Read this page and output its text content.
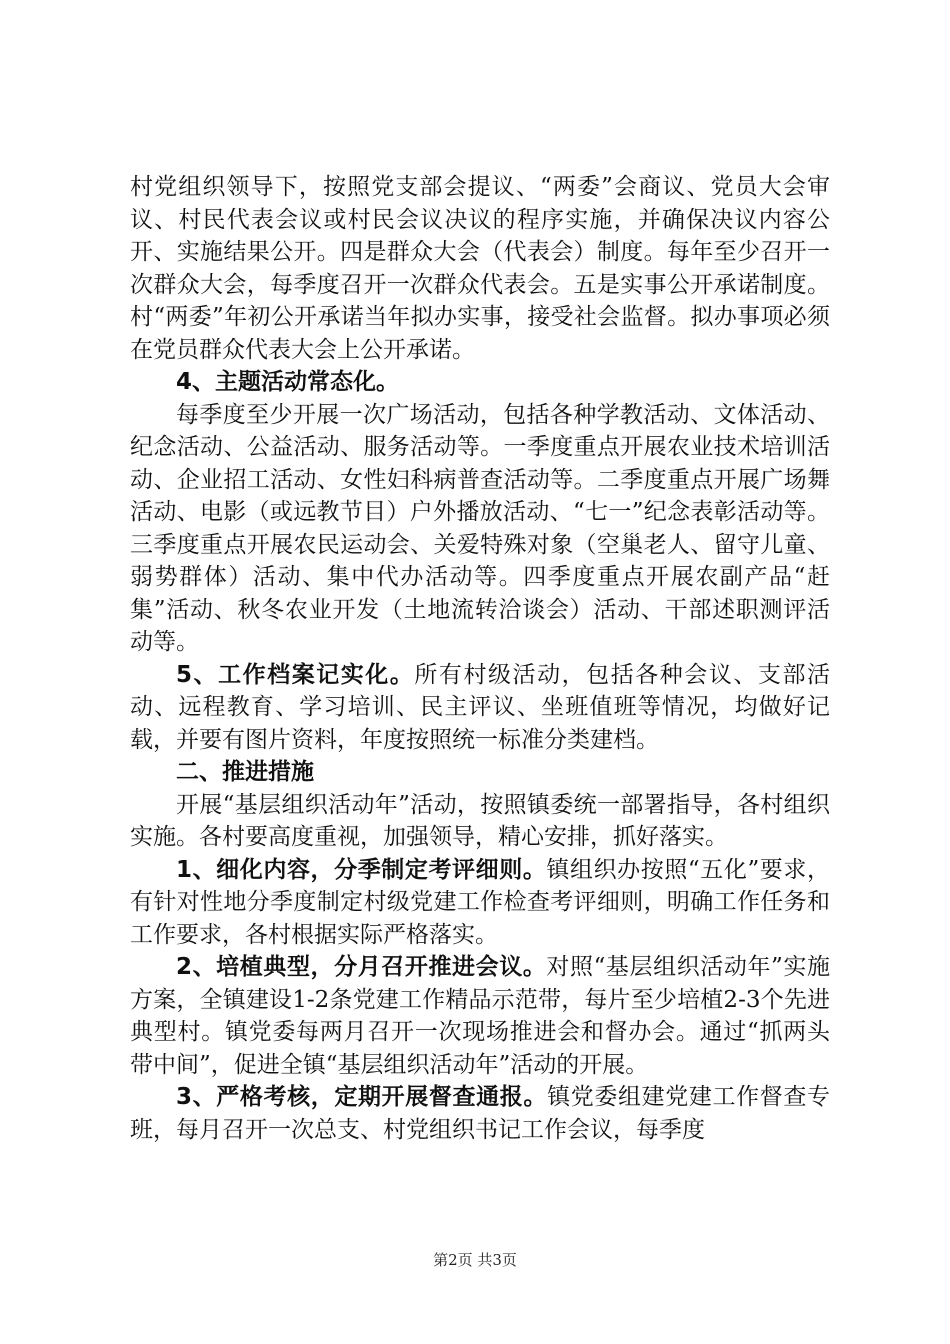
村党组织领导下，按照党支部会提议、“两委”会商议、党员大会审议、村民代表会议或村民会议决议的程序实施，并确保决议内容公开、实施结果公开。四是群众大会（代表会）制度。每年至少召开一次群众大会，每季度召开一次群众代表会。五是实事公开承诺制度。村“两委”年初公开承诺当年拟办实事，接受社会监督。拟办事项必须在党员群众代表大会上公开承诺。

4、主题活动常态化。

每季度至少开展一次广场活动，包括各种学教活动、文体活动、纪念活动、公益活动、服务活动等。一季度重点开展农业技术培训活动、企业招工活动、女性妇科病普查活动等。二季度重点开展广场舞活动、电影（或远教节目）户外播放活动、“七一”纪念表彰活动等。三季度重点开展农民运动会、关爱特殊对象（空巢老人、留守儿童、弱势群体）活动、集中代办活动等。四季度重点开展农副产品“赶集”活动、秋冬农业开发（土地流转洽谈会）活动、干部述职测评活动等。

5、工作档案记实化。所有村级活动，包括各种会议、支部活动、远程教育、学习培训、民主评议、坐班值班等情况，均做好记载，并要有图片资料，年度按照统一标准分类建档。

二、推进措施

开展“基层组织活动年”活动，按照镇委统一部署指导，各村组织实施。各村要高度重视，加强领导，精心安排，抓好落实。

1、细化内容，分季制定考评细则。镇组织办按照“五化”要求，有针对性地分季度制定村级党建工作检查考评细则，明确工作任务和工作要求，各村根据实际严格落实。

2、培植典型，分月召开推进会议。对照“基层组织活动年”实施方案，全镇建设1-2条党建工作精品示范带，每片至少培植2-3个先进典型村。镇党委每两月召开一次现场推进会和督办会。通过“抓两头带中间”，促进全镇“基层组织活动年”活动的开展。

3、严格考核，定期开展督查通报。镇党委组建党建工作督查专班，每月召开一次总支、村党组织书记工作会议，每季度

第2页 共3页
